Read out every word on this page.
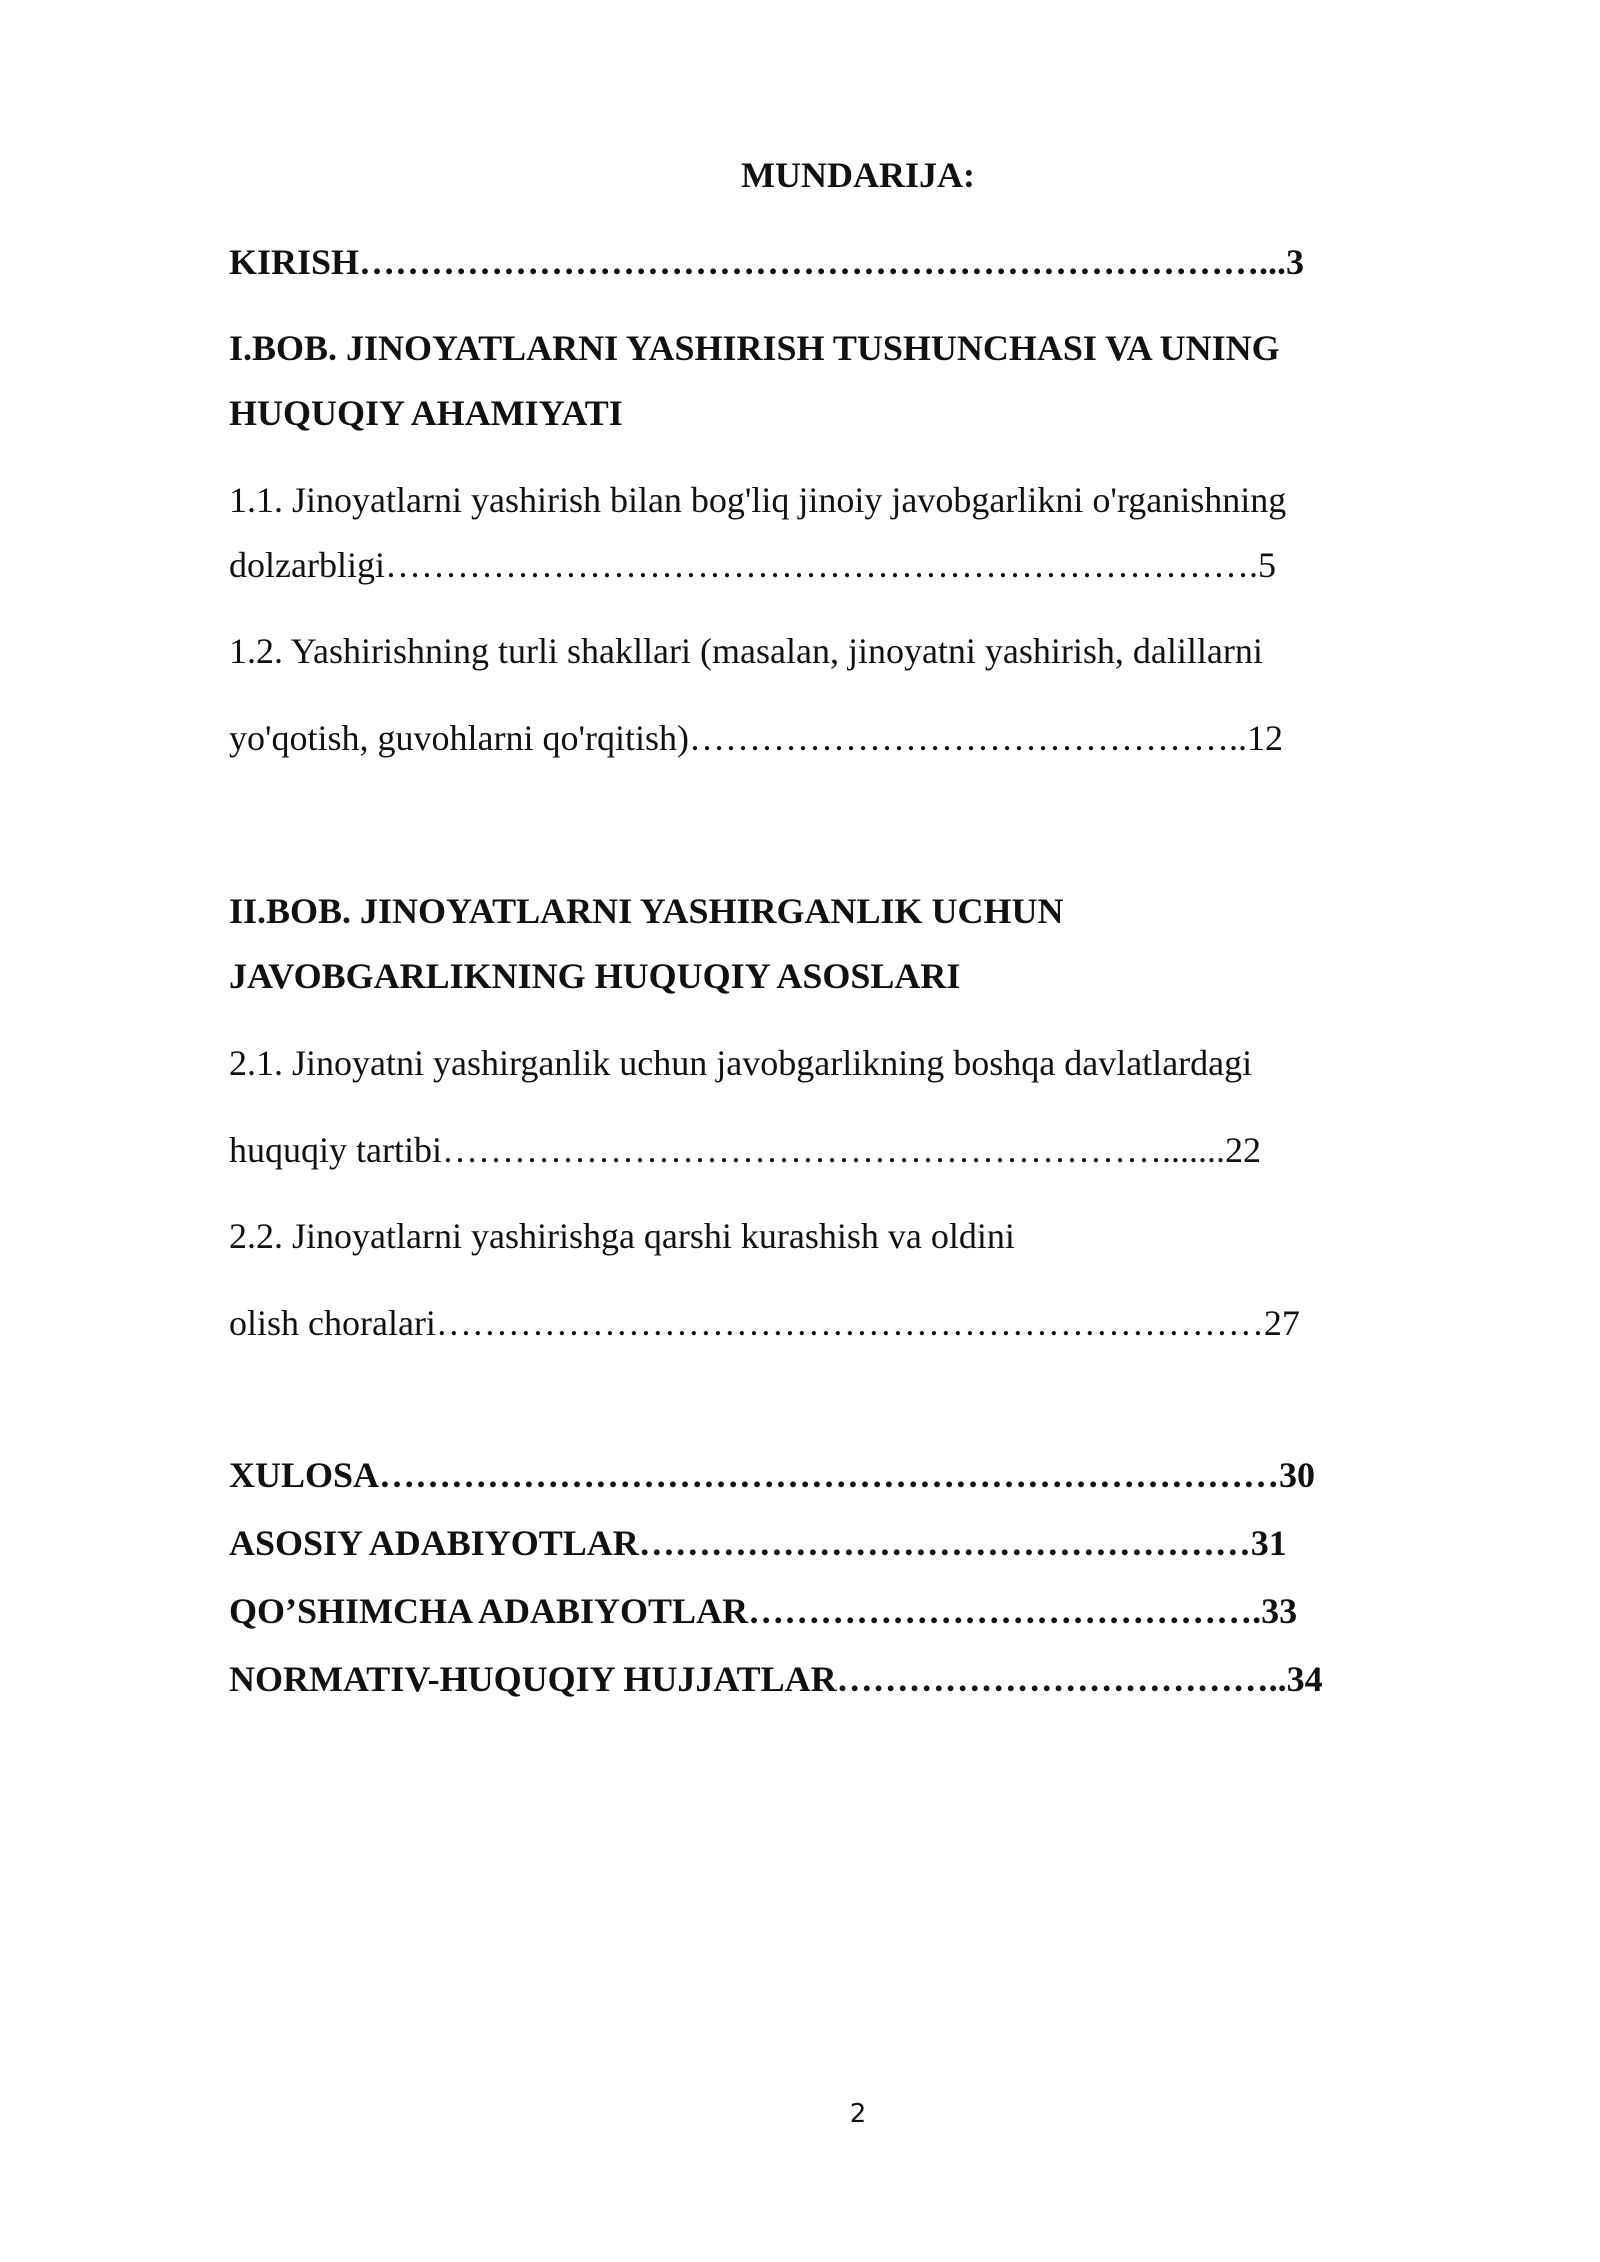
MUNDARIJA:

KIRISH…………………………………………………………………...3

I.BOB. JINOYATLARNI YASHIRISH TUSHUNCHASI VA UNING

HUQUQIY AHAMIYATI

1.1. Jinoyatlarni yashirish bilan bog'liq jinoiy javobgarlikni o'rganishning

dolzarbligi……………………………………………………………….5

1.2. Yashirishning turli shakllari (masalan, jinoyatni yashirish, dalillarni

yo'qotish, guvohlarni qo'rqitish)………………………………………..12

II.BOB. JINOYATLARNI YASHIRGANLIK UCHUN

JAVOBGARLIKNING HUQUQIY ASOSLARI

2.1. Jinoyatni yashirganlik uchun javobgarlikning boshqa davlatlardagi

huquqiy tartibi…………………………………………………….......22

2.2. Jinoyatlarni yashirishga qarshi kurashish va oldini

olish choralari……………………………………………………………27

XULOSA…………………………………………………………………30

ASOSIY ADABIYOTLAR……………………………………………31

QO’SHIMCHA ADABIYOTLAR…………………………………….33

NORMATIV-HUQUQIY HUJJATLAR………………………………..34

2
